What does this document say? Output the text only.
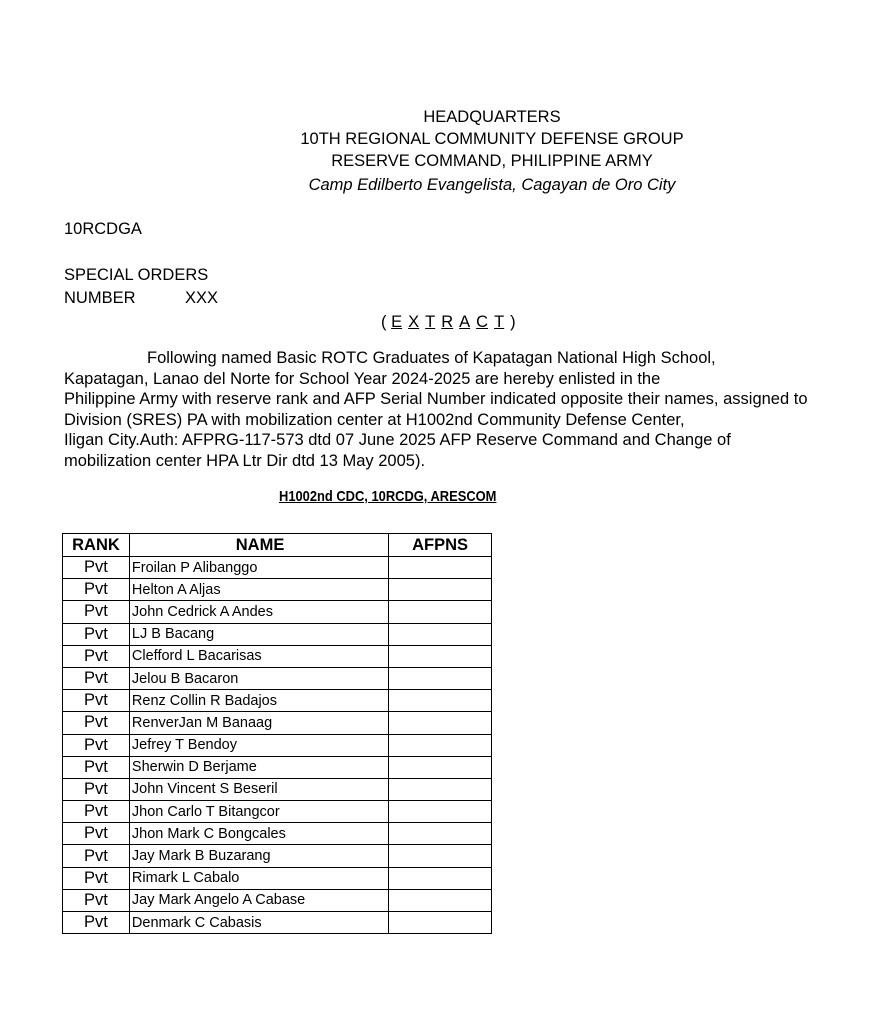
HEADQUARTERS
10TH REGIONAL COMMUNITY DEFENSE GROUP
RESERVE COMMAND, PHILIPPINE ARMY
Camp Edilberto Evangelista, Cagayan de Oro City
10RCDGA
SPECIAL ORDERS
NUMBER	XXX
( E X T R A C T )
Following named Basic ROTC Graduates of Kapatagan National High School,
Kapatagan, Lanao del Norte for School Year 2024-2025 are hereby enlisted in the
Philippine Army with reserve rank and AFP Serial Number indicated opposite their names, assigned to
Division (SRES) PA with mobilization center at H1002nd Community Defense Center,
Iligan City.Auth: AFPRG-117-573 dtd 07 June 2025 AFP Reserve Command and Change of
mobilization center HPA Ltr Dir dtd 13 May 2005).
H1002nd CDC, 10RCDG, ARESCOM
RANK	NAME	AFPNS
Pvt	Froilan P Alibanggo	
Pvt	Helton A Aljas	
Pvt	John Cedrick A Andes	
Pvt	LJ B Bacang	
Pvt	Clefford L Bacarisas	
Pvt	Jelou B Bacaron	
Pvt	Renz Collin R Badajos	
Pvt	RenverJan M Banaag	
Pvt	Jefrey T Bendoy	
Pvt	Sherwin D Berjame	
Pvt	John Vincent S Beseril	
Pvt	Jhon Carlo T Bitangcor	
Pvt	Jhon Mark C Bongcales	
Pvt	Jay Mark B Buzarang	
Pvt	Rimark L Cabalo	
Pvt	Jay Mark Angelo A Cabase	
Pvt	Denmark C Cabasis	
